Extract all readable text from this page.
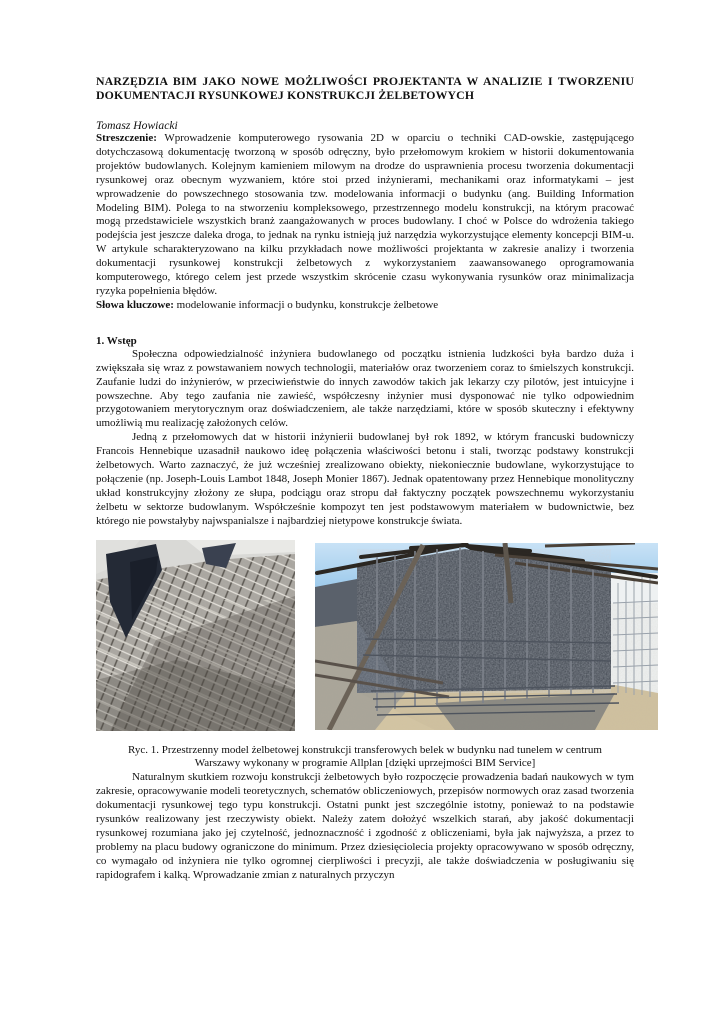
NARZĘDZIA BIM JAKO NOWE MOŻLIWOŚCI PROJEKTANTA W ANALIZIE I TWORZENIU
DOKUMENTACJI RYSUNKOWEJ KONSTRUKCJI ŻELBETOWYCH
Tomasz Howiacki

Streszczenie: Wprowadzenie komputerowego rysowania 2D w oparciu o techniki CAD-owskie, zastępującego dotychczasową dokumentację tworzoną w sposób odręczny, było przełomowym krokiem w historii dokumentowania projektów budowlanych. Kolejnym kamieniem milowym na drodze do usprawnienia procesu tworzenia dokumentacji rysunkowej oraz obecnym wyzwaniem, które stoi przed inżynierami, mechanikami oraz informatykami – jest wprowadzenie do powszechnego stosowania tzw. modelowania informacji o budynku (ang. Building Information Modeling BIM). Polega to na stworzeniu kompleksowego, przestrzennego modelu konstrukcji, na którym pracować mogą przedstawiciele wszystkich branż zaangażowanych w proces budowlany. I choć w Polsce do wdrożenia takiego podejścia jest jeszcze daleka droga, to jednak na rynku istnieją już narzędzia wykorzystujące elementy koncepcji BIM-u. W artykule scharakteryzowano na kilku przykładach nowe możliwości projektanta w zakresie analizy i tworzenia dokumentacji rysunkowej konstrukcji żelbetowych z wykorzystaniem zaawansowanego oprogramowania komputerowego, którego celem jest przede wszystkim skrócenie czasu wykonywania rysunków oraz minimalizacja ryzyka popełnienia błędów.

Słowa kluczowe: modelowanie informacji o budynku, konstrukcje żelbetowe

1. Wstęp

Społeczna odpowiedzialność inżyniera budowlanego od początku istnienia ludzkości była bardzo duża i zwiększała się wraz z powstawaniem nowych technologii, materiałów oraz tworzeniem coraz to śmielszych konstrukcji. Zaufanie ludzi do inżynierów, w przeciwieństwie do innych zawodów takich jak lekarzy czy pilotów, jest intuicyjne i powszechne. Aby tego zaufania nie zawieść, współczesny inżynier musi dysponować nie tylko odpowiednim przygotowaniem merytorycznym oraz doświadczeniem, ale także narzędziami, które w sposób skuteczny i efektywny umożliwią mu realizację założonych celów.

Jedną z przełomowych dat w historii inżynierii budowlanej był rok 1892, w którym francuski budowniczy Francois Hennebique uzasadnił naukowo ideę połączenia właściwości betonu i stali, tworząc podstawy konstrukcji żelbetowych. Warto zaznaczyć, że już wcześniej zrealizowano obiekty, niekoniecznie budowlane, wykorzystujące to połączenie (np. Joseph-Louis Lambot 1848, Joseph Monier 1867). Jednak opatentowany przez Hennebique monolityczny układ konstrukcyjny złożony ze słupa, podciągu oraz stropu dał faktyczny początek powszechnemu wykorzystaniu żelbetu w sektorze budowlanym. Współcześnie kompozyt ten jest podstawowym materiałem w budownictwie, bez którego nie powstałyby najwspanialsze i najbardziej nietypowe konstrukcje świata.

Ryc. 1. Przestrzenny model żelbetowej konstrukcji transferowych belek w budynku nad tunelem w centrum
Warszawy wykonany w programie Allplan [dzięki uprzejmości BIM Service]

Naturalnym skutkiem rozwoju konstrukcji żelbetowych było rozpoczęcie prowadzenia badań naukowych w tym zakresie, opracowywanie modeli teoretycznych, schematów obliczeniowych, przepisów normowych oraz zasad tworzenia dokumentacji rysunkowej tego typu konstrukcji. Ostatni punkt jest szczególnie istotny, ponieważ to na podstawie rysunków realizowany jest rzeczywisty obiekt. Należy zatem dołożyć wszelkich starań, aby jakość dokumentacji rysunkowej rozumiana jako jej czytelność, jednoznaczność i zgodność z obliczeniami, była jak najwyższa, a przez to problemy na placu budowy ograniczone do minimum. Przez dziesięciolecia projekty opracowywano w sposób odręczny, co wymagało od inżyniera nie tylko ogromnej cierpliwości i precyzji, ale także doświadczenia w posługiwaniu się rapidografem i kalką. Wprowadzanie zmian z naturalnych przyczyn
